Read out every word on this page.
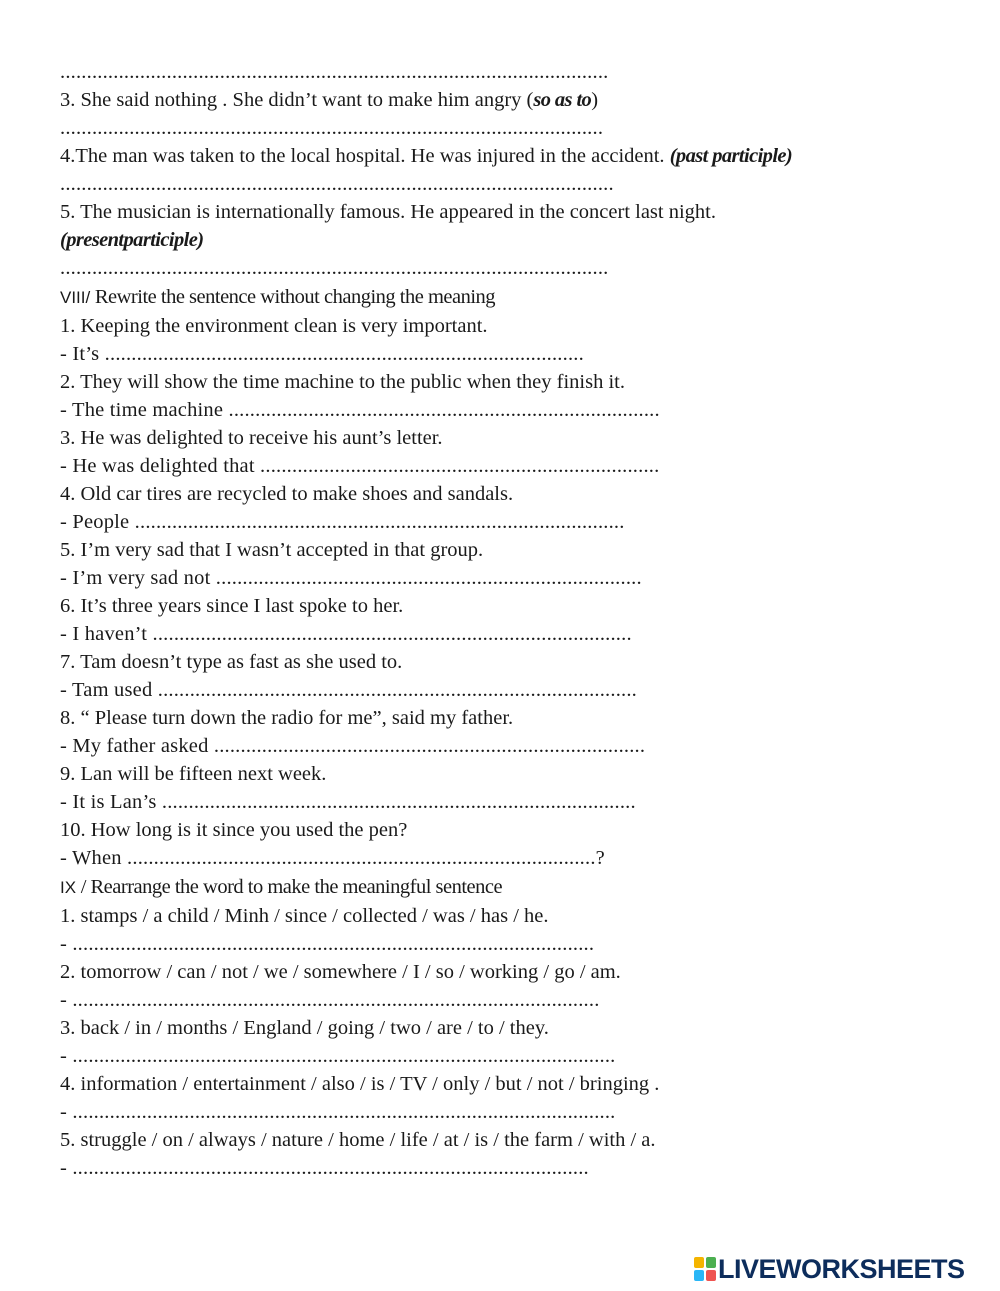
.......................................................................................................
3. She said nothing . She didn’t want to make him angry (so as to)
......................................................................................................
4.The man was taken to the local hospital. He was injured in the accident. (past participle)
........................................................................................................
5. The musician is internationally famous. He appeared in the concert last night.
(presentparticiple)
.......................................................................................................
VIII/ Rewrite the sentence without changing the meaning
1. Keeping the environment clean is very important.
- It’s ..........................................................................................
2. They will show the time machine to the public when they finish it.
- The time machine .................................................................................
3. He was delighted to receive his aunt’s letter.
- He was delighted that ...........................................................................
4. Old car tires are recycled to make shoes and sandals.
- People ............................................................................................
5. I’m very sad that I wasn’t accepted in that group.
- I’m very sad not ................................................................................
6. It’s three years since I last spoke to her.
- I haven’t ..........................................................................................
7. Tam doesn’t type as fast as she used to.
- Tam used ..........................................................................................
8. “ Please turn down the radio for me”, said my father.
- My father asked .................................................................................
9. Lan will be fifteen next week.
- It is Lan’s .........................................................................................
10. How long is it since you used the pen?
- When ........................................................................................?
IX / Rearrange the word to make the meaningful sentence
1. stamps / a child / Minh / since / collected / was / has / he.
- ..................................................................................................
2. tomorrow / can / not / we / somewhere / I / so / working / go / am.
- ...................................................................................................
3. back / in / months / England / going / two / are / to / they.
- ......................................................................................................
4. information / entertainment / also / is / TV / only / but / not / bringing .
- ......................................................................................................
5. struggle / on / always / nature / home / life / at / is / the farm / with / a.
- .................................................................................................
LIVEWORKSHEETS
